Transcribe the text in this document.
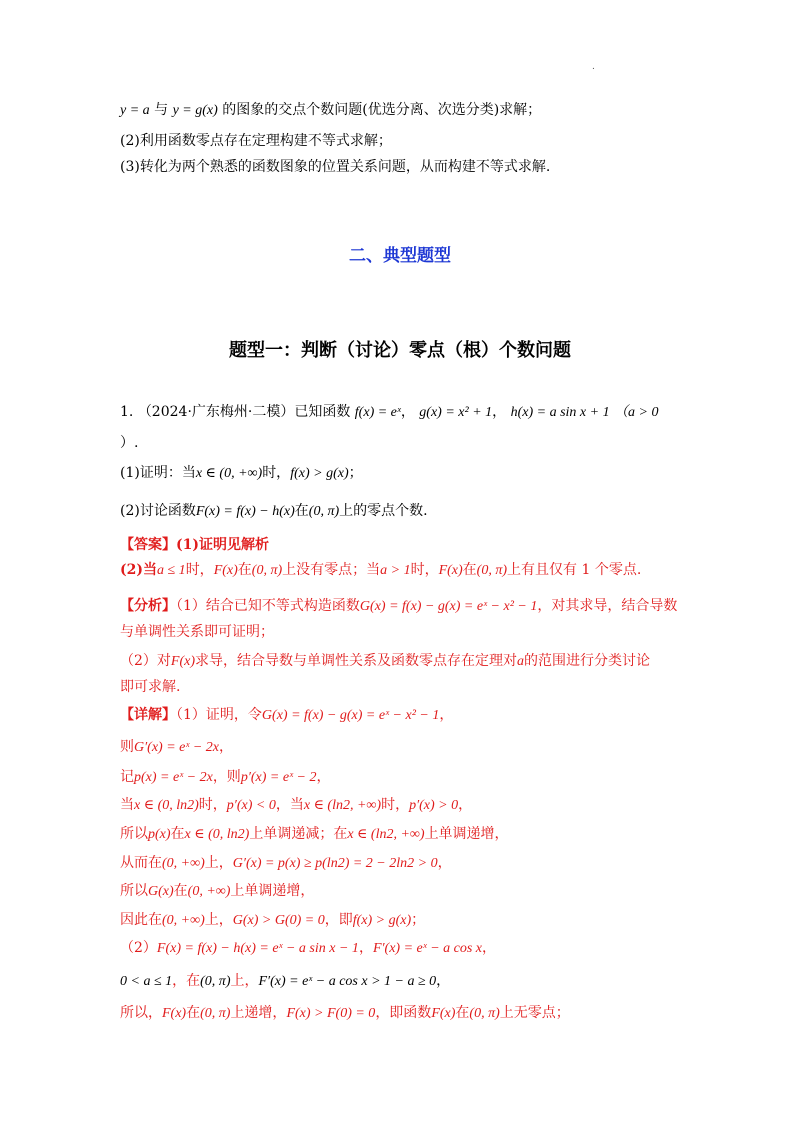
.
y = a 与 y = g(x) 的图象的交点个数问题(优选分离、次选分类)求解；
(2)利用函数零点存在定理构建不等式求解；
(3)转化为两个熟悉的函数图象的位置关系问题，从而构建不等式求解.
二、典型题型
题型一：判断（讨论）零点（根）个数问题
1. （2024·广东梅州·二模）已知函数 f(x) = eˣ， g(x) = x² + 1， h(x) = a sin x + 1 （a > 0
）.
(1)证明：当x ∈ (0, +∞)时，f(x) > g(x)；
(2)讨论函数F(x) = f(x) − h(x)在(0, π)上的零点个数.
【答案】(1)证明见解析
(2)当a ≤ 1时，F(x)在(0, π)上没有零点；当a > 1时，F(x)在(0, π)上有且仅有 1 个零点.
【分析】（1）结合已知不等式构造函数G(x) = f(x) − g(x) = eˣ − x² − 1，对其求导，结合导数
与单调性关系即可证明；
（2）对F(x)求导，结合导数与单调性关系及函数零点存在定理对a的范围进行分类讨论
即可求解.
【详解】（1）证明，令G(x) = f(x) − g(x) = eˣ − x² − 1，
则G′(x) = eˣ − 2x，
记p(x) = eˣ − 2x，则p′(x) = eˣ − 2，
当x ∈ (0, ln2)时，p′(x) < 0，当x ∈ (ln2, +∞)时，p′(x) > 0，
所以p(x)在x ∈ (0, ln2)上单调递减；在x ∈ (ln2, +∞)上单调递增，
从而在(0, +∞)上，G′(x) = p(x) ≥ p(ln2) = 2 − 2ln2 > 0，
所以G(x)在(0, +∞)上单调递增，
因此在(0, +∞)上，G(x) > G(0) = 0，即f(x) > g(x)；
（2）F(x) = f(x) − h(x) = eˣ − a sin x − 1，F′(x) = eˣ − a cos x，
0 < a ≤ 1，在(0, π)上，F′(x) = eˣ − a cos x > 1 − a ≥ 0，
所以，F(x)在(0, π)上递增，F(x) > F(0) = 0，即函数F(x)在(0, π)上无零点；
